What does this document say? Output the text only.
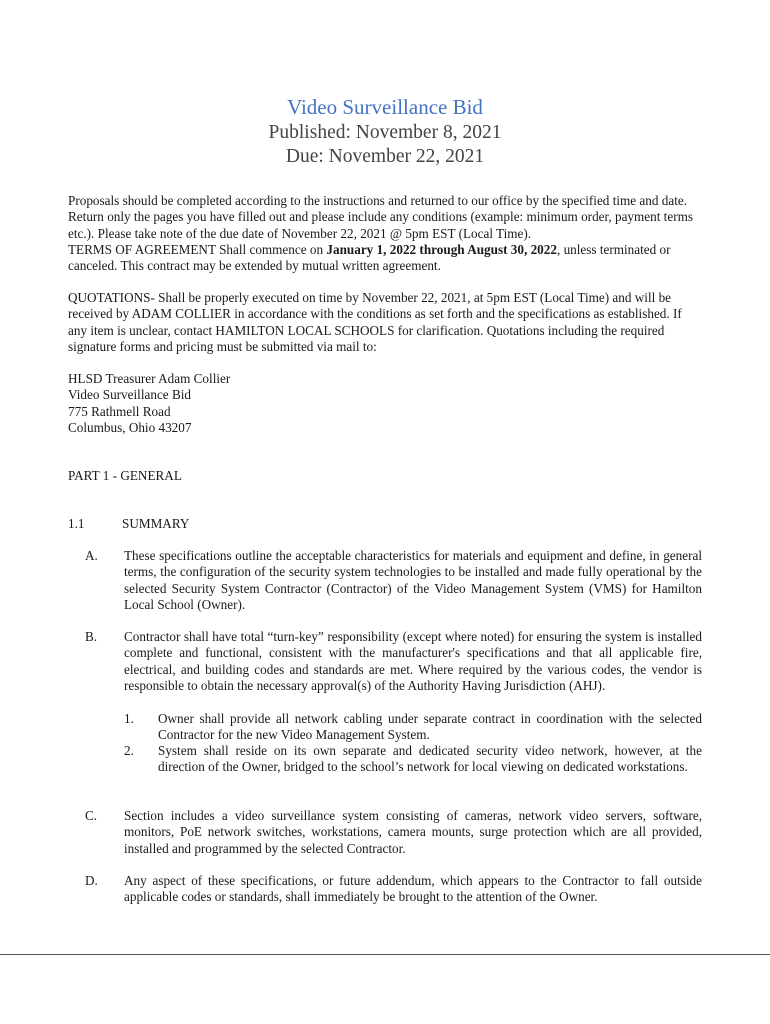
Video Surveillance Bid
Published: November 8, 2021
Due: November 22, 2021

Proposals should be completed according to the instructions and returned to our office by the specified time and date. Return only the pages you have filled out and please include any conditions (example: minimum order, payment terms etc.). Please take note of the due date of November 22, 2021 @ 5pm EST (Local Time).
TERMS OF AGREEMENT Shall commence on January 1, 2022 through August 30, 2022, unless terminated or canceled. This contract may be extended by mutual written agreement.

QUOTATIONS- Shall be properly executed on time by November 22, 2021, at 5pm EST (Local Time) and will be received by ADAM COLLIER in accordance with the conditions as set forth and the specifications as established. If any item is unclear, contact HAMILTON LOCAL SCHOOLS for clarification. Quotations including the required signature forms and pricing must be submitted via mail to:

HLSD Treasurer Adam Collier
Video Surveillance Bid
775 Rathmell Road
Columbus, Ohio 43207
PART 1 - GENERAL
1.1	SUMMARY
A. These specifications outline the acceptable characteristics for materials and equipment and define, in general terms, the configuration of the security system technologies to be installed and made fully operational by the selected Security System Contractor (Contractor) of the Video Management System (VMS) for Hamilton Local School (Owner).

B. Contractor shall have total “turn-key” responsibility (except where noted) for ensuring the system is installed complete and functional, consistent with the manufacturer's specifications and that all applicable fire, electrical, and building codes and standards are met. Where required by the various codes, the vendor is responsible to obtain the necessary approval(s) of the Authority Having Jurisdiction (AHJ).

1. Owner shall provide all network cabling under separate contract in coordination with the selected Contractor for the new Video Management System.

2. System shall reside on its own separate and dedicated security video network, however, at the direction of the Owner, bridged to the school’s network for local viewing on dedicated workstations.

C. Section includes a video surveillance system consisting of cameras, network video servers, software, monitors, PoE network switches, workstations, camera mounts, surge protection which are all provided, installed and programmed by the selected Contractor.

D. Any aspect of these specifications, or future addendum, which appears to the Contractor to fall outside applicable codes or standards, shall immediately be brought to the attention of the Owner.
